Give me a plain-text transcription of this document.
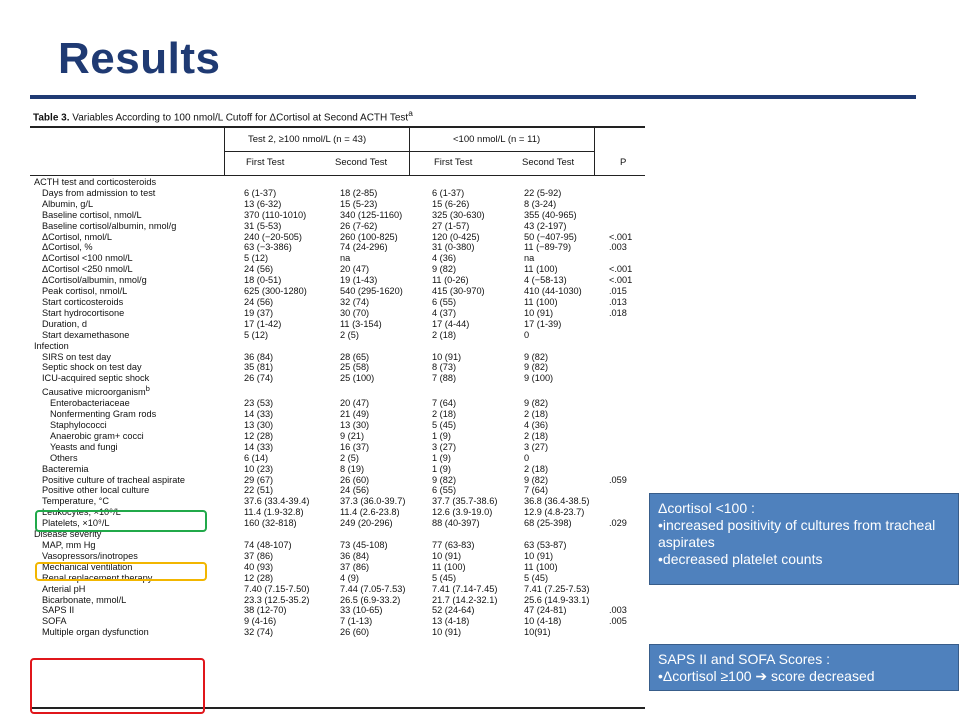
Results
Table 3. Variables According to 100 nmol/L Cutoff for ΔCortisol at Second ACTH Test$^a$
Test 2, ≥100 nmol/L (n = 43)	<100 nmol/L (n = 11)
First Test	Second Test	First Test	Second Test	P
ACTH test and corticosteroids					
Days from admission to test	6 (1-37)	18 (2-85)	6 (1-37)	22 (5-92)	
Albumin, g/L	13 (6-32)	15 (5-23)	15 (6-26)	8 (3-24)	
Baseline cortisol, nmol/L	370 (110-1010)	340 (125-1160)	325 (30-630)	355 (40-965)	
Baseline cortisol/albumin, nmol/g	31 (5-53)	26 (7-62)	27 (1-57)	43 (2-197)	
ΔCortisol, nmol/L	240 (−20-505)	260 (100-825)	120 (0-425)	50 (−407-95)	<.001
ΔCortisol, %	63 (−3-386)	74 (24-296)	31 (0-380)	11 (−89-79)	.003
ΔCortisol <100 nmol/L	5 (12)	na	4 (36)	na	
ΔCortisol <250 nmol/L	24 (56)	20 (47)	9 (82)	11 (100)	<.001
ΔCortisol/albumin, nmol/g	18 (0-51)	19 (1-43)	11 (0-26)	4 (−58-13)	<.001
Peak cortisol, nmol/L	625 (300-1280)	540 (295-1620)	415 (30-970)	410 (44-1030)	.015
Start corticosteroids	24 (56)	32 (74)	6 (55)	11 (100)	.013
Start hydrocortisone	19 (37)	30 (70)	4 (37)	10 (91)	.018
Duration, d	17 (1-42)	11 (3-154)	17 (4-44)	17 (1-39)	
Start dexamethasone	5 (12)	2 (5)	2 (18)	0	
Infection					
SIRS on test day	36 (84)	28 (65)	10 (91)	9 (82)	
Septic shock on test day	35 (81)	25 (58)	8 (73)	9 (82)	
ICU-acquired septic shock	26 (74)	25 (100)	7 (88)	9 (100)	
Causative microorganism$^b$					
Enterobacteriaceae	23 (53)	20 (47)	7 (64)	9 (82)	
Nonfermenting Gram rods	14 (33)	21 (49)	2 (18)	2 (18)	
Staphylococci	13 (30)	13 (30)	5 (45)	4 (36)	
Anaerobic gram+ cocci	12 (28)	9 (21)	1 (9)	2 (18)	
Yeasts and fungi	14 (33)	16 (37)	3 (27)	3 (27)	
Others	6 (14)	2 (5)	1 (9)	0	
Bacteremia	10 (23)	8 (19)	1 (9)	2 (18)	
Positive culture of tracheal aspirate	29 (67)	26 (60)	9 (82)	9 (82)	.059
Positive other local culture	22 (51)	24 (56)	6 (55)	7 (64)	
Temperature, °C	37.6 (33.4-39.4)	37.3 (36.0-39.7)	37.7 (35.7-38.6)	36.8 (36.4-38.5)	
Leukocytes, ×10⁹/L	11.4 (1.9-32.8)	11.4 (2.6-23.8)	12.6 (3.9-19.0)	12.9 (4.8-23.7)	
Platelets, ×10⁹/L	160 (32-818)	249 (20-296)	88 (40-397)	68 (25-398)	.029
Disease severity					
MAP, mm Hg	74 (48-107)	73 (45-108)	77 (63-83)	63 (53-87)	
Vasopressors/inotropes	37 (86)	36 (84)	10 (91)	10 (91)	
Mechanical ventilation	40 (93)	37 (86)	11 (100)	11 (100)	
Renal replacement therapy	12 (28)	4 (9)	5 (45)	5 (45)	
Arterial pH	7.40 (7.15-7.50)	7.44 (7.05-7.53)	7.41 (7.14-7.45)	7.41 (7.25-7.53)	
Bicarbonate, mmol/L	23.3 (12.5-35.2)	26.5 (6.9-33.2)	21.7 (14.2-32.1)	25.6 (14.9-33.1)	
SAPS II	38 (12-70)	33 (10-65)	52 (24-64)	47 (24-81)	.003
SOFA	9 (4-16)	7 (1-13)	13 (4-18)	10 (4-18)	.005
Multiple organ dysfunction	32 (74)	26 (60)	10 (91)	10(91)	
Δcortisol <100 :
•increased positivity of cultures from tracheal aspirates
•decreased platelet counts
SAPS II and SOFA Scores :
•Δcortisol ≥100 ➔ score decreased
